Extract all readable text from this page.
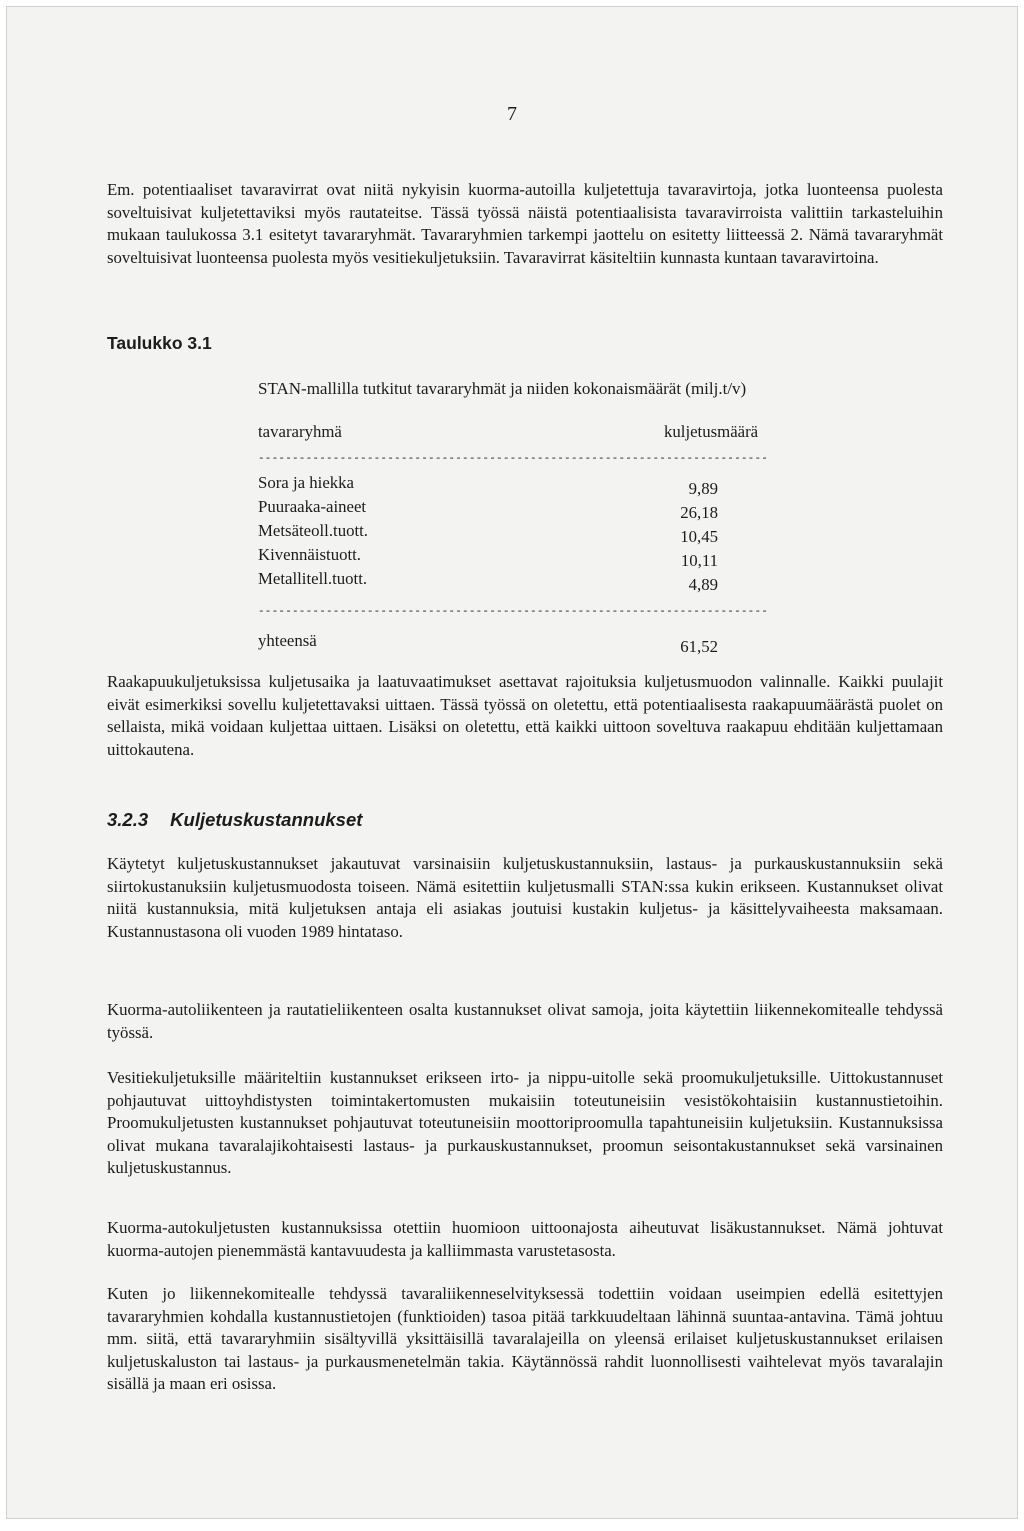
7

Em. potentiaaliset tavaravirrat ovat niitä nykyisin kuorma-autoilla kuljetettuja tavaravirtoja, jotka luonteensa puolesta soveltuisivat kuljetettaviksi myös rautateitse. Tässä työssä näistä potentiaalisista tavaravirroista valittiin tarkasteluihin mukaan taulukossa 3.1 esitetyt tavararyhmät. Tavararyhmien tarkempi jaottelu on esitetty liitteessä 2. Nämä tavararyhmät soveltuisivat luonteensa puolesta myös vesitiekuljetuksiin. Tavaravirrat käsiteltiin kunnasta kuntaan tavaravirtoina.

Taulukko 3.1
STAN-mallilla tutkitut tavararyhmät ja niiden kokonaismäärät (milj.t/v)
tavararyhmä	kuljetusmäärä
---------------------------------------------------------------------------
Sora ja hiekka	9,89
Puuraaka-aineet	26,18
Metsäteoll.tuott.	10,45
Kivennäistuott.	10,11
Metallitell.tuott.	4,89
---------------------------------------------------------------------------
yhteensä	61,52

Raakapuukuljetuksissa kuljetusaika ja laatuvaatimukset asettavat rajoituksia kuljetusmuodon valinnalle. Kaikki puulajit eivät esimerkiksi sovellu kuljetettavaksi uittaen. Tässä työssä on oletettu, että potentiaalisesta raakapuumäärästä puolet on sellaista, mikä voidaan kuljettaa uittaen. Lisäksi on oletettu, että kaikki uittoon soveltuva raakapuu ehditään kuljettamaan uittokautena.

3.2.3 Kuljetuskustannukset

Käytetyt kuljetuskustannukset jakautuvat varsinaisiin kuljetuskustannuksiin, lastaus- ja purkauskustannuksiin sekä siirtokustanuksiin kuljetusmuodosta toiseen. Nämä esitettiin kuljetusmalli STAN:ssa kukin erikseen. Kustannukset olivat niitä kustannuksia, mitä kuljetuksen antaja eli asiakas joutuisi kustakin kuljetus- ja käsittelyvaiheesta maksamaan. Kustannustasona oli vuoden 1989 hintataso.

Kuorma-autoliikenteen ja rautatieliikenteen osalta kustannukset olivat samoja, joita käytettiin liikennekomitealle tehdyssä työssä.

Vesitiekuljetuksille määriteltiin kustannukset erikseen irto- ja nippu-uitolle sekä proomukuljetuksille. Uittokustannuset pohjautuvat uittoyhdistysten toimintakertomusten mukaisiin toteutuneisiin vesistökohtaisiin kustannustietoihin. Proomukuljetusten kustannukset pohjautuvat toteutuneisiin moottoriproomulla tapahtuneisiin kuljetuksiin. Kustannuksissa olivat mukana tavaralajikohtaisesti lastaus- ja purkauskustannukset, proomun seisontakustannukset sekä varsinainen kuljetuskustannus.

Kuorma-autokuljetusten kustannuksissa otettiin huomioon uittoonajosta aiheutuvat lisäkustannukset. Nämä johtuvat kuorma-autojen pienemmästä kantavuudesta ja kalliimmasta varustetasosta.

Kuten jo liikennekomitealle tehdyssä tavaraliikenneselvityksessä todettiin voidaan useimpien edellä esitettyjen tavararyhmien kohdalla kustannustietojen (funktioiden) tasoa pitää tarkkuudeltaan lähinnä suuntaa-antavina. Tämä johtuu mm. siitä, että tavararyhmiin sisältyvillä yksittäisillä tavaralajeilla on yleensä erilaiset kuljetuskustannukset erilaisen kuljetuskaluston tai lastaus- ja purkausmenetelmän takia. Käytännössä rahdit luonnollisesti vaihtelevat myös tavaralajin sisällä ja maan eri osissa.
